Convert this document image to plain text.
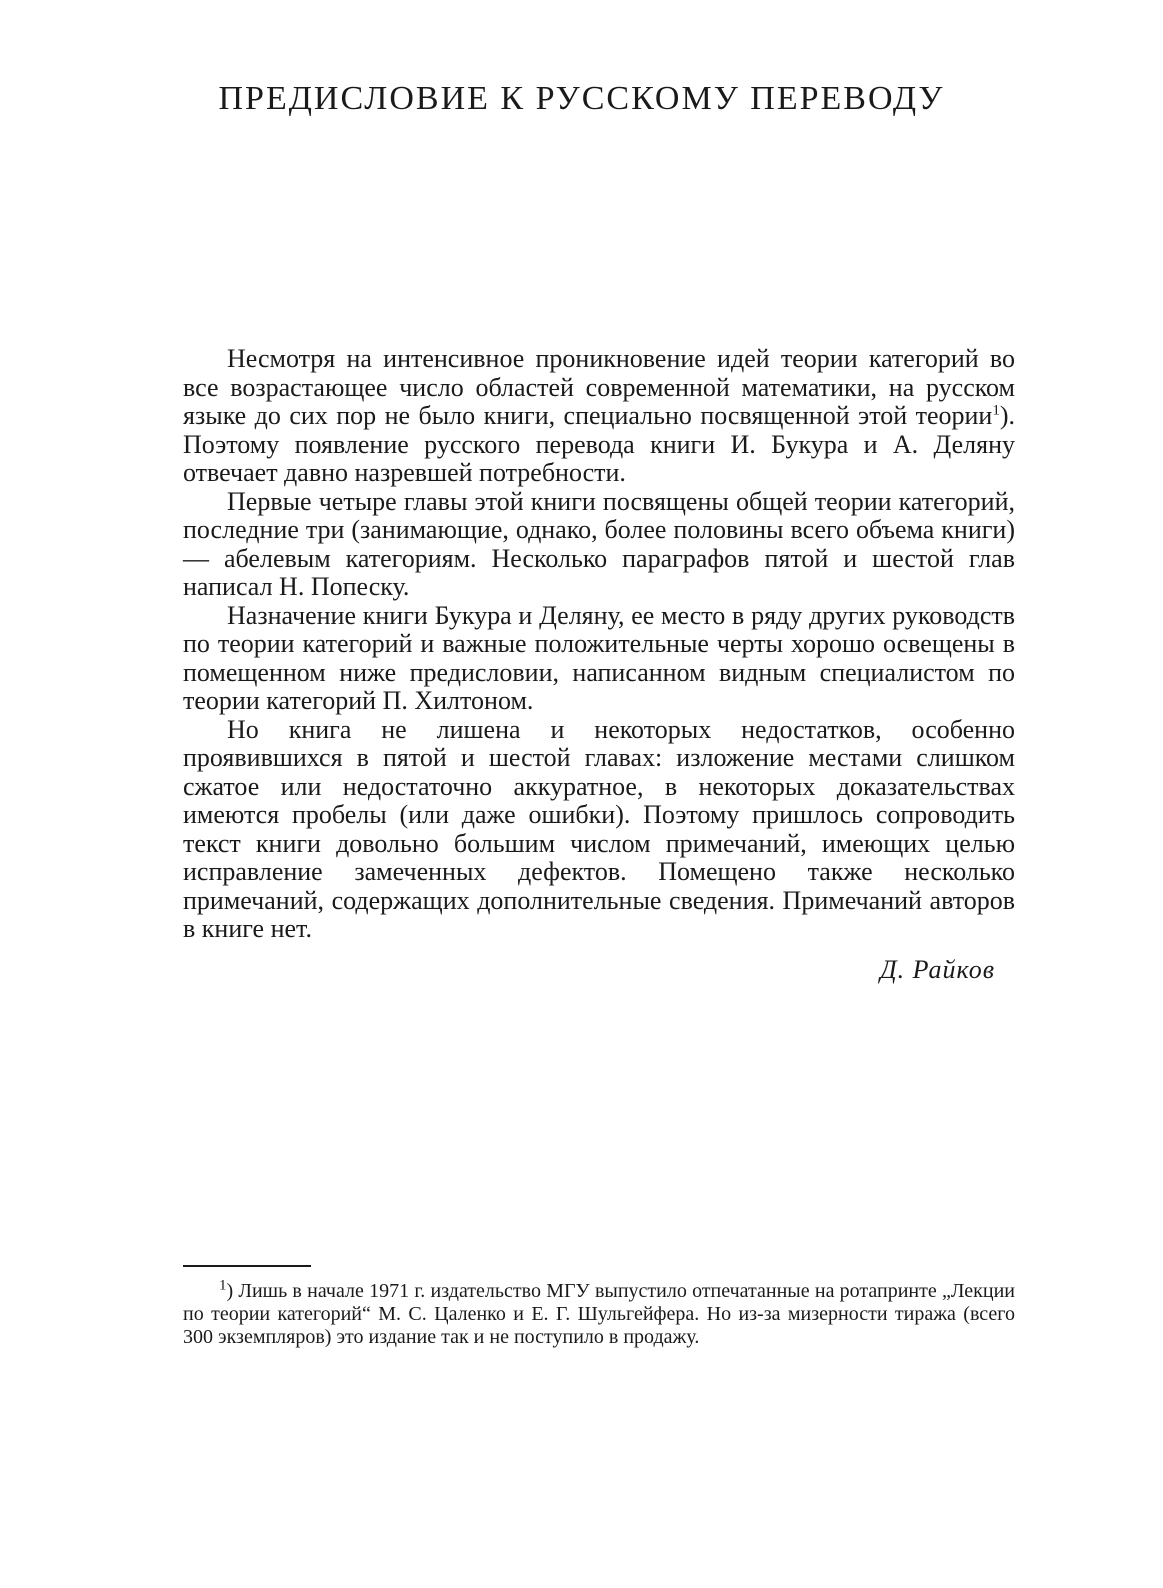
ПРЕДИСЛОВИЕ К РУССКОМУ ПЕРЕВОДУ

Несмотря на интенсивное проникновение идей теории категорий во все возрастающее число областей современной математики, на русском языке до сих пор не было книги, специально посвященной этой теории$^1$). Поэтому появление русского перевода книги И. Букура и А. Деляну отвечает давно назревшей потребности.

Первые четыре главы этой книги посвящены общей теории категорий, последние три (занимающие, однако, более половины всего объема книги) — абелевым категориям. Несколько параграфов пятой и шестой глав написал Н. Попеску.

Назначение книги Букура и Деляну, ее место в ряду других руководств по теории категорий и важные положительные черты хорошо освещены в помещенном ниже предисловии, написанном видным специалистом по теории категорий П. Хилтоном.

Но книга не лишена и некоторых недостатков, особенно проявившихся в пятой и шестой главах: изложение местами слишком сжатое или недостаточно аккуратное, в некоторых доказательствах имеются пробелы (или даже ошибки). Поэтому пришлось сопроводить текст книги довольно большим числом примечаний, имеющих целью исправление замеченных дефектов. Помещено также несколько примечаний, содержащих дополнительные сведения. Примечаний авторов в книге нет.

Д. Райков

$^1$) Лишь в начале 1971 г. издательство МГУ выпустило отпечатанные на ротапринте „Лекции по теории категорий“ М. С. Цаленко и Е. Г. Шульгейфера. Но из-за мизерности тиража (всего 300 экземпляров) это издание так и не поступило в продажу.
